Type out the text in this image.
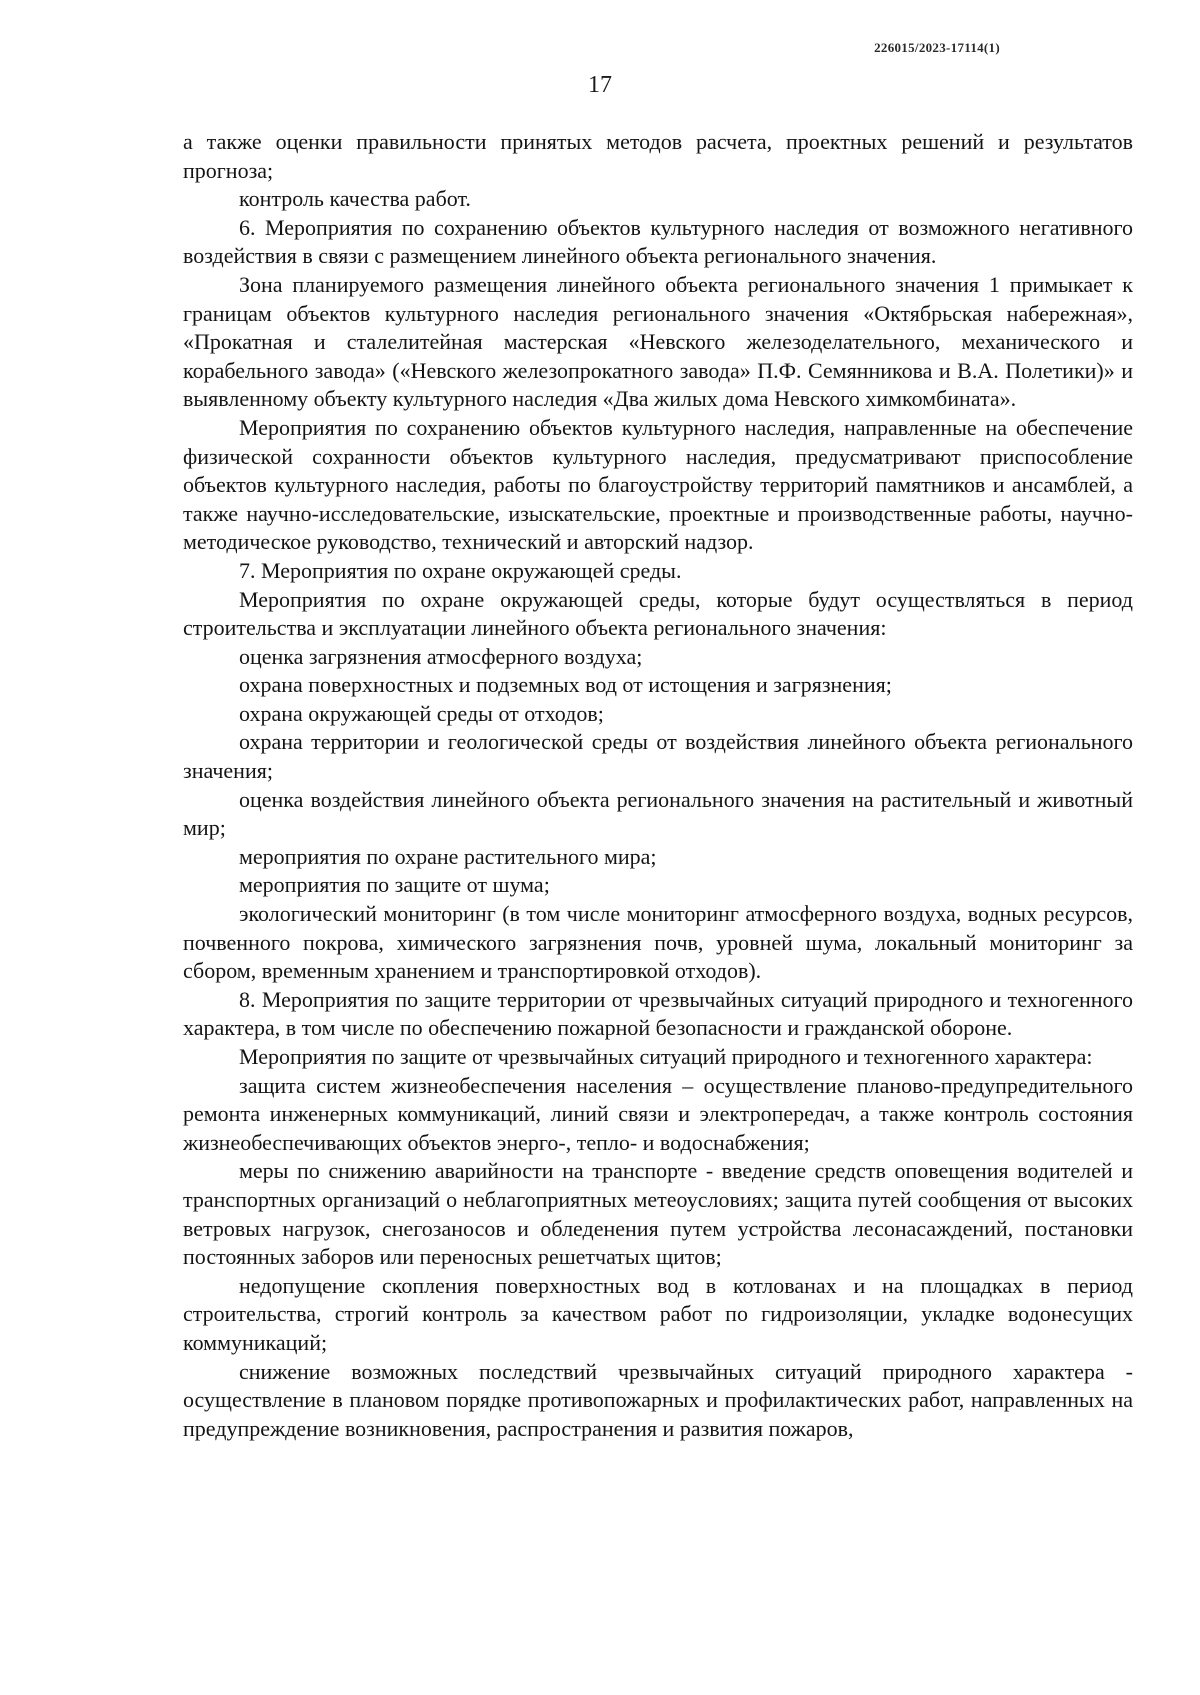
226015/2023-17114(1)
17

а также оценки правильности принятых методов расчета, проектных решений и результатов прогноза;

контроль качества работ.

6. Мероприятия по сохранению объектов культурного наследия от возможного негативного воздействия в связи с размещением линейного объекта регионального значения.

Зона планируемого размещения линейного объекта регионального значения 1 примыкает к границам объектов культурного наследия регионального значения «Октябрьская набережная», «Прокатная и сталелитейная мастерская «Невского железоделательного, механического и корабельного завода» («Невского железопрокатного завода» П.Ф. Семянникова и В.А. Полетики)» и выявленному объекту культурного наследия «Два жилых дома Невского химкомбината».

Мероприятия по сохранению объектов культурного наследия, направленные на обеспечение физической сохранности объектов культурного наследия, предусматривают приспособление объектов культурного наследия, работы по благоустройству территорий памятников и ансамблей, а также научно-исследовательские, изыскательские, проектные и производственные работы, научно-методическое руководство, технический и авторский надзор.

7. Мероприятия по охране окружающей среды.

Мероприятия по охране окружающей среды, которые будут осуществляться в период строительства и эксплуатации линейного объекта регионального значения:

оценка загрязнения атмосферного воздуха;

охрана поверхностных и подземных вод от истощения и загрязнения;

охрана окружающей среды от отходов;

охрана территории и геологической среды от воздействия линейного объекта регионального значения;

оценка воздействия линейного объекта регионального значения на растительный и животный мир;

мероприятия по охране растительного мира;

мероприятия по защите от шума;

экологический мониторинг (в том числе мониторинг атмосферного воздуха, водных ресурсов, почвенного покрова, химического загрязнения почв, уровней шума, локальный мониторинг за сбором, временным хранением и транспортировкой отходов).

8. Мероприятия по защите территории от чрезвычайных ситуаций природного и техногенного характера, в том числе по обеспечению пожарной безопасности и гражданской обороне.

Мероприятия по защите от чрезвычайных ситуаций природного и техногенного характера:

защита систем жизнеобеспечения населения – осуществление планово-предупредительного ремонта инженерных коммуникаций, линий связи и электропередач, а также контроль состояния жизнеобеспечивающих объектов энерго-, тепло- и водоснабжения;

меры по снижению аварийности на транспорте - введение средств оповещения водителей и транспортных организаций о неблагоприятных метеоусловиях; защита путей сообщения от высоких ветровых нагрузок, снегозаносов и обледенения путем устройства лесонасаждений, постановки постоянных заборов или переносных решетчатых щитов;

недопущение скопления поверхностных вод в котлованах и на площадках в период строительства, строгий контроль за качеством работ по гидроизоляции, укладке водонесущих коммуникаций;

снижение возможных последствий чрезвычайных ситуаций природного характера - осуществление в плановом порядке противопожарных и профилактических работ, направленных на предупреждение возникновения, распространения и развития пожаров,
